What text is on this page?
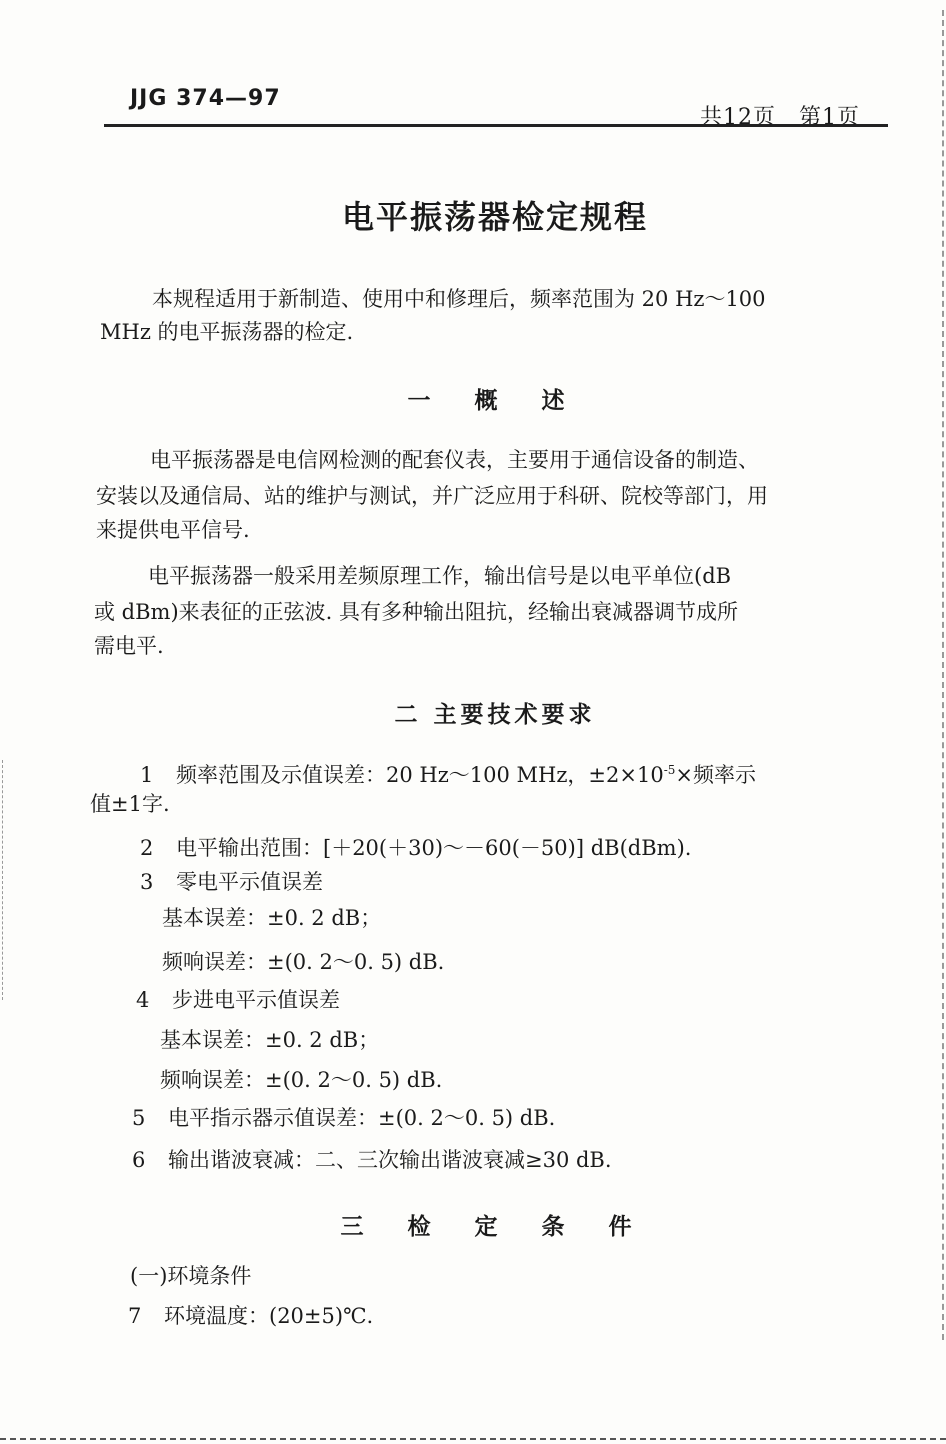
JJG 374—97
共12页　第1页
电平振荡器检定规程
本规程适用于新制造、使用中和修理后，频率范围为 20 Hz～100
MHz 的电平振荡器的检定.
一 概 述
电平振荡器是电信网检测的配套仪表，主要用于通信设备的制造、
安装以及通信局、站的维护与测试，并广泛应用于科研、院校等部门，用
来提供电平信号.
电平振荡器一般采用差频原理工作，输出信号是以电平单位(dB
或 dBm)来表征的正弦波. 具有多种输出阻抗，经输出衰减器调节成所
需电平.
二 主要技术要求
1 频率范围及示值误差：20 Hz～100 MHz，$\pm 2\times 10^{-5}\times$频率示
值±1字.
2 电平输出范围：[＋20(＋30)～－60(－50)] dB(dBm).
3 零电平示值误差
基本误差：±0. 2 dB；
频响误差：±(0. 2～0. 5) dB.
4 步进电平示值误差
基本误差：±0. 2 dB；
频响误差：±(0. 2～0. 5) dB.
5 电平指示器示值误差：±(0. 2～0. 5) dB.
6 输出谐波衰减：二、三次输出谐波衰减≥30 dB.
三 检 定 条 件
(一)环境条件
7 环境温度：(20±5)℃.
